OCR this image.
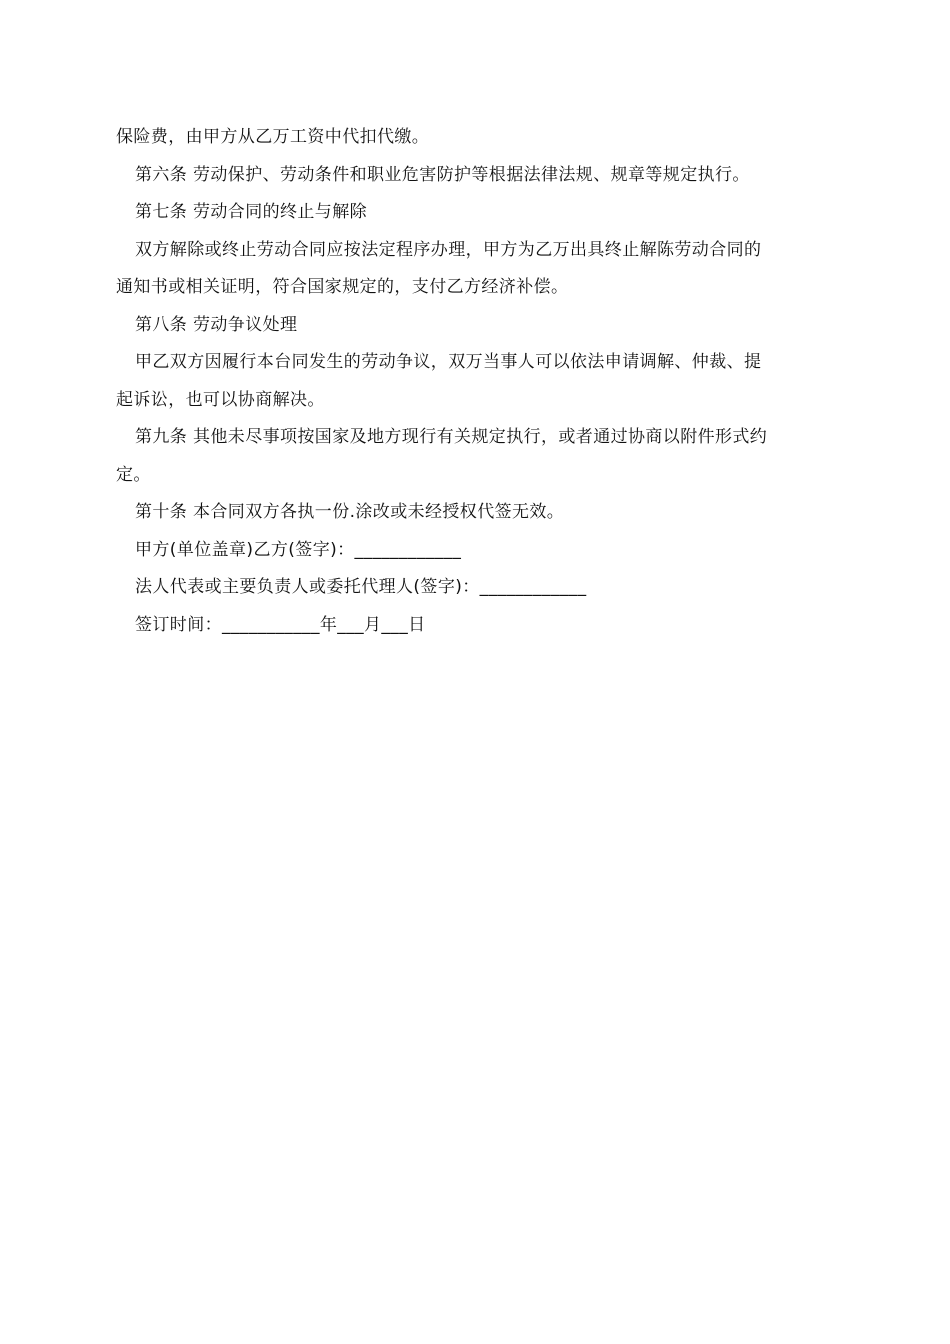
保险费，由甲方从乙万工资中代扣代缴。
第六条 劳动保护、劳动条件和职业危害防护等根据法律法规、规章等规定执行。
第七条 劳动合同的终止与解除
双方解除或终止劳动合同应按法定程序办理，甲方为乙万出具终止解陈劳动合同的
通知书或相关证明，符合国家规定的，支付乙方经济补偿。
第八条 劳动争议处理
甲乙双方因履行本台同发生的劳动争议，双万当事人可以依法申请调解、仲裁、提
起诉讼，也可以协商解决。
第九条 其他未尽事项按国家及地方现行有关规定执行，或者通过协商以附件形式约
定。
第十条 本合同双方各执一份.涂改或未经授权代签无效。
甲方(单位盖章)乙方(签字)：____________
法人代表或主要负责人或委托代理人(签字)：____________
签订时间：___________年___月___日
